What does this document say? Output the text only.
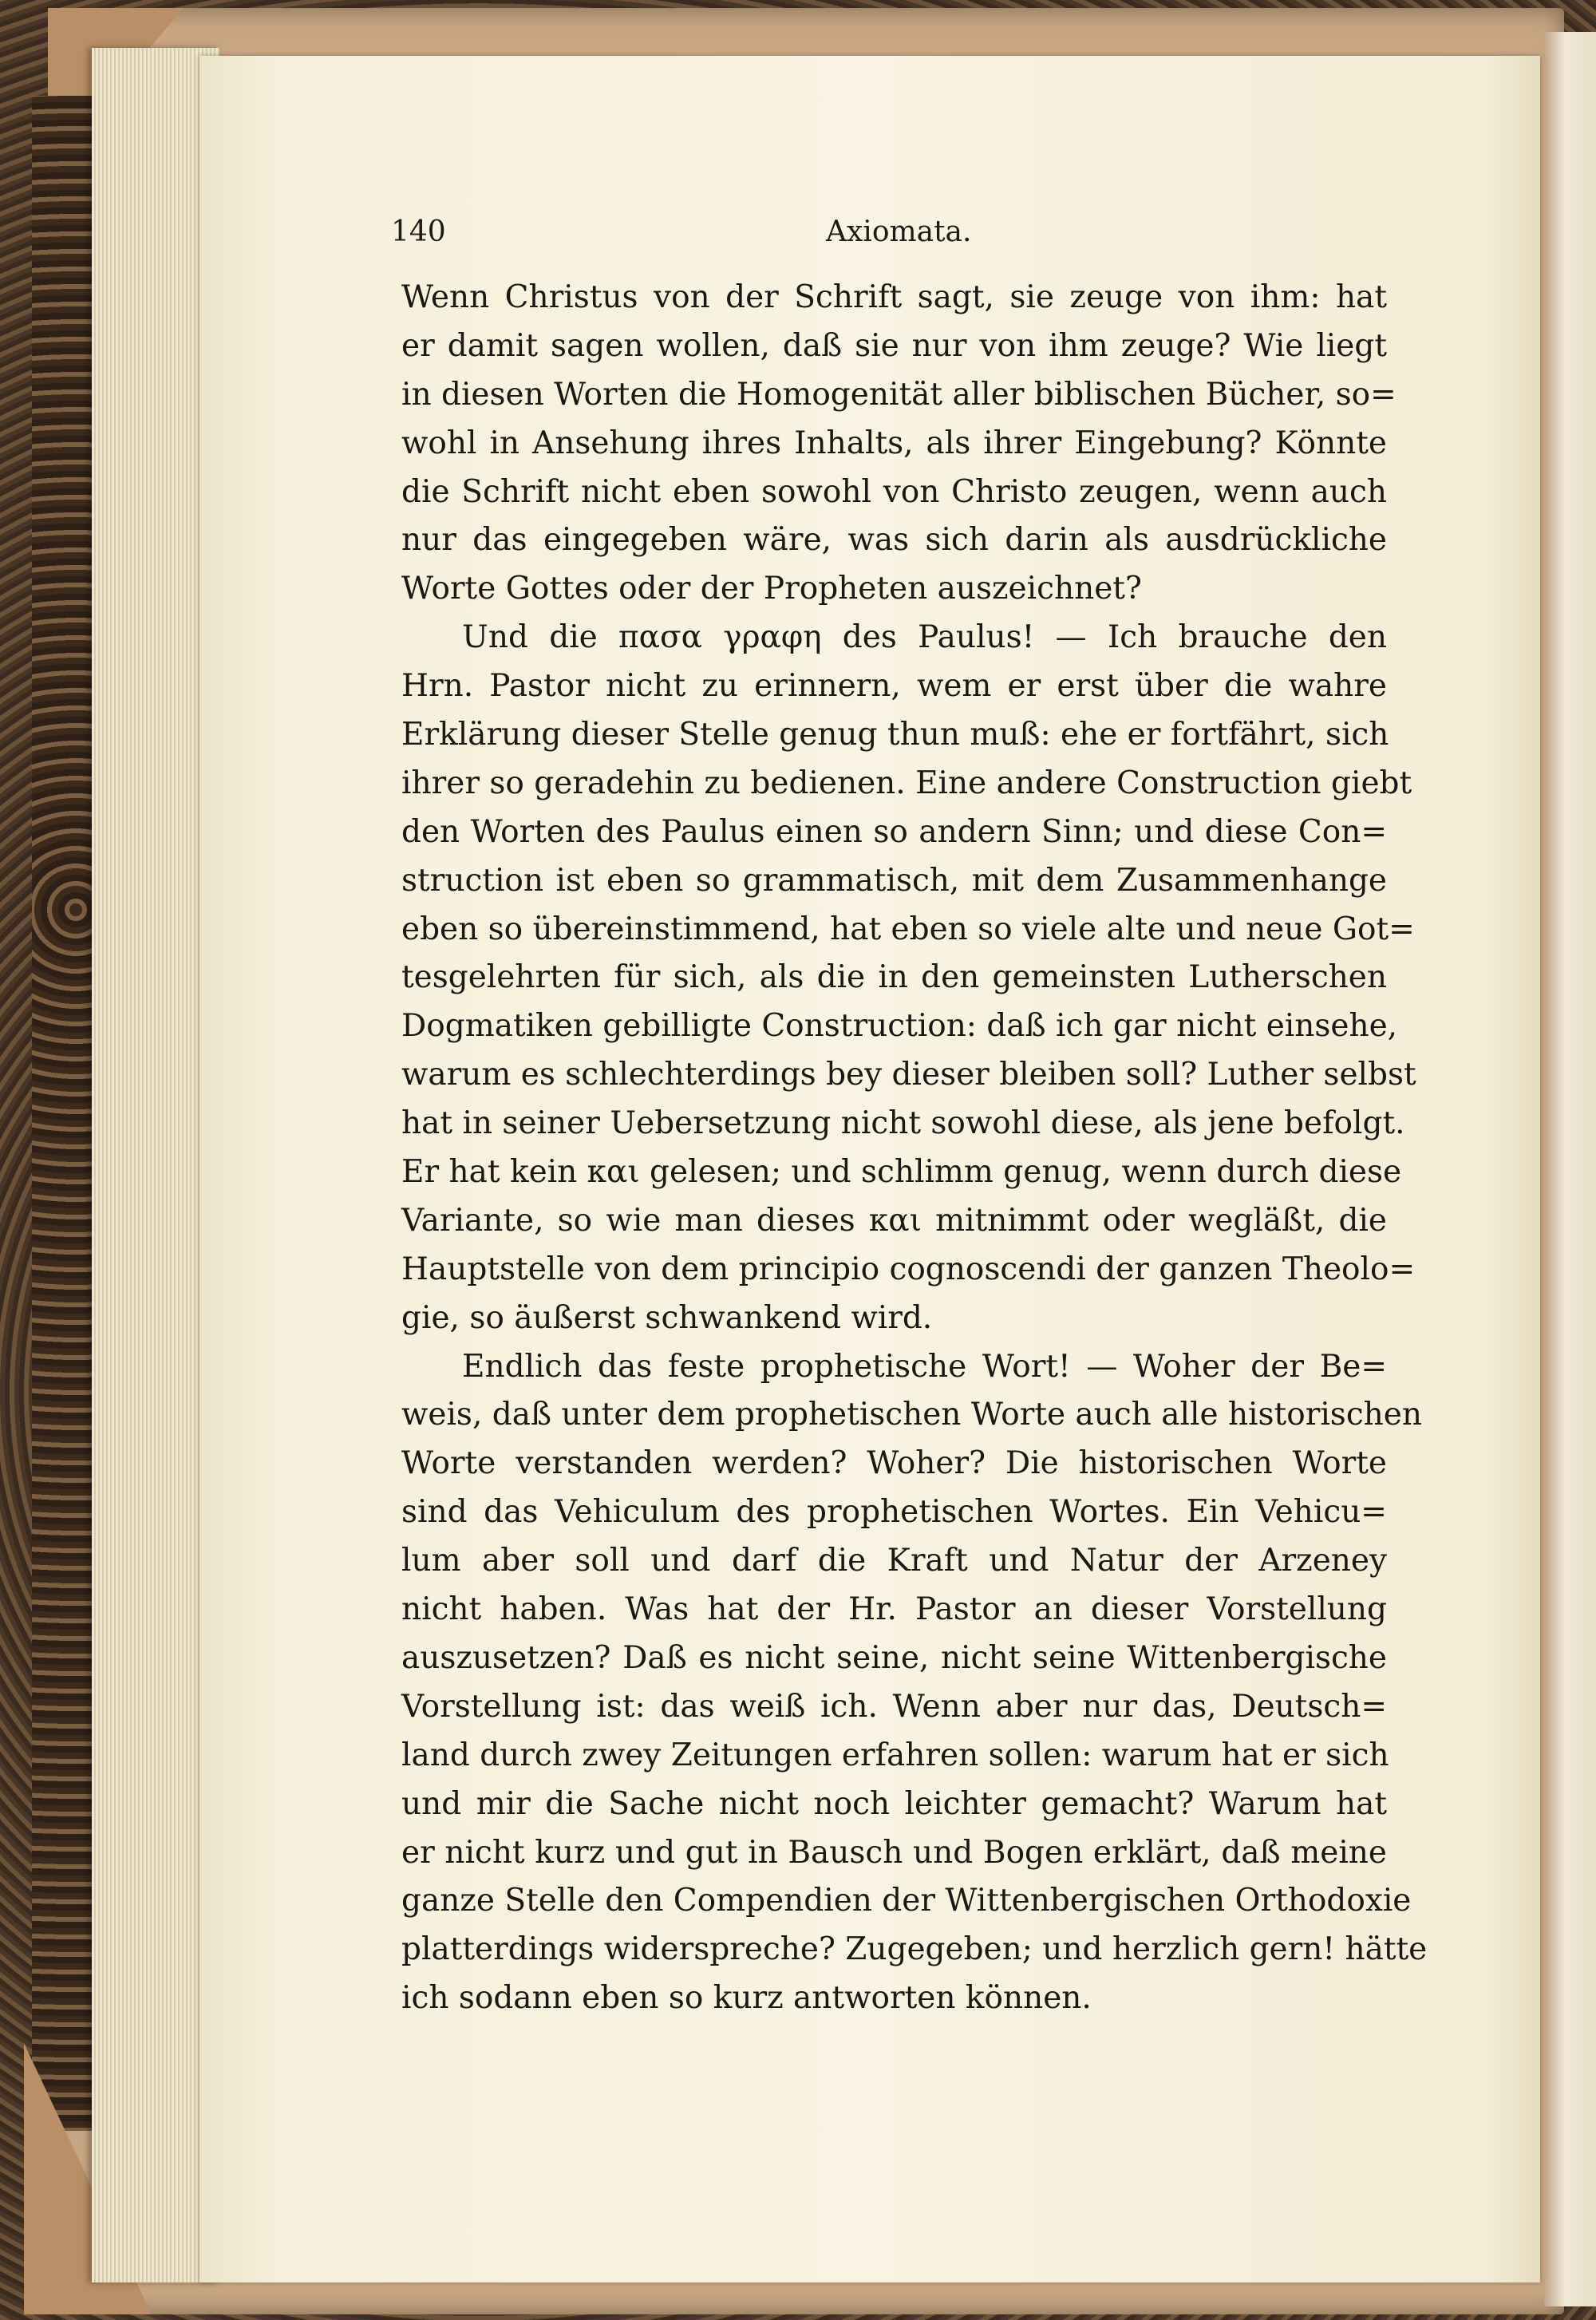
140	Axiomata.
Wenn Christus von der Schrift sagt, sie zeuge von ihm: hat
er damit sagen wollen, daß sie nur von ihm zeuge? Wie liegt
in diesen Worten die Homogenität aller biblischen Bücher, so=
wohl in Ansehung ihres Inhalts, als ihrer Eingebung? Könnte
die Schrift nicht eben sowohl von Christo zeugen, wenn auch
nur das eingegeben wäre, was sich darin als ausdrückliche
Worte Gottes oder der Propheten auszeichnet?
Und die πασα γραφη des Paulus! — Ich brauche den
Hrn. Pastor nicht zu erinnern, wem er erst über die wahre
Erklärung dieser Stelle genug thun muß: ehe er fortfährt, sich
ihrer so geradehin zu bedienen. Eine andere Construction giebt
den Worten des Paulus einen so andern Sinn; und diese Con=
struction ist eben so grammatisch, mit dem Zusammenhange
eben so übereinstimmend, hat eben so viele alte und neue Got=
tesgelehrten für sich, als die in den gemeinsten Lutherschen
Dogmatiken gebilligte Construction: daß ich gar nicht einsehe,
warum es schlechterdings bey dieser bleiben soll? Luther selbst
hat in seiner Uebersetzung nicht sowohl diese, als jene befolgt.
Er hat kein και gelesen; und schlimm genug, wenn durch diese
Variante, so wie man dieses και mitnimmt oder wegläßt, die
Hauptstelle von dem principio cognoscendi der ganzen Theolo=
gie, so äußerst schwankend wird.
Endlich das feste prophetische Wort! — Woher der Be=
weis, daß unter dem prophetischen Worte auch alle historischen
Worte verstanden werden? Woher? Die historischen Worte
sind das Vehiculum des prophetischen Wortes. Ein Vehicu=
lum aber soll und darf die Kraft und Natur der Arzeney
nicht haben. Was hat der Hr. Pastor an dieser Vorstellung
auszusetzen? Daß es nicht seine, nicht seine Wittenbergische
Vorstellung ist: das weiß ich. Wenn aber nur das, Deutsch=
land durch zwey Zeitungen erfahren sollen: warum hat er sich
und mir die Sache nicht noch leichter gemacht? Warum hat
er nicht kurz und gut in Bausch und Bogen erklärt, daß meine
ganze Stelle den Compendien der Wittenbergischen Orthodoxie
platterdings widerspreche? Zugegeben; und herzlich gern! hätte
ich sodann eben so kurz antworten können.
